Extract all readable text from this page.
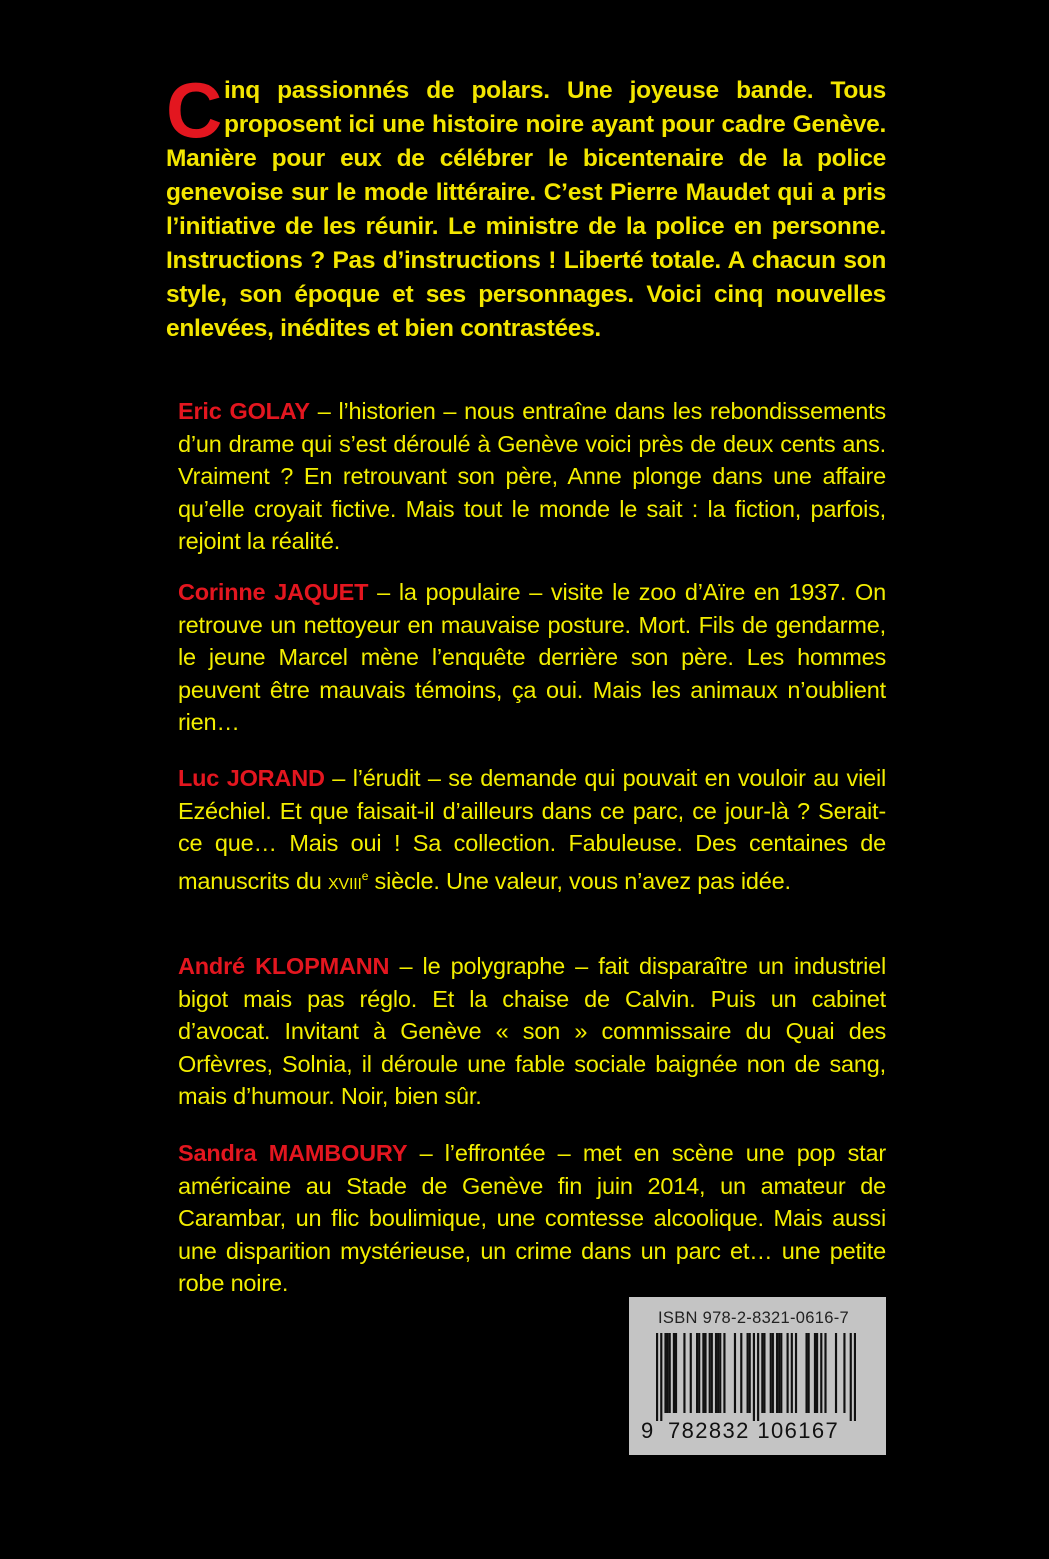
Cinq passionnés de polars. Une joyeuse bande. Tous proposent ici une histoire noire ayant pour cadre Genève. Manière pour eux de célébrer le bicentenaire de la police genevoise sur le mode littéraire. C’est Pierre Maudet qui a pris l’initiative de les réunir. Le ministre de la police en personne. Instructions ? Pas d’instructions ! Liberté totale. A chacun son style, son époque et ses personnages. Voici cinq nouvelles enlevées, inédites et bien contrastées.

Eric GOLAY – l’historien – nous entraîne dans les rebondissements d’un drame qui s’est déroulé à Genève voici près de deux cents ans. Vraiment ? En retrouvant son père, Anne plonge dans une affaire qu’elle croyait fictive. Mais tout le monde le sait : la fiction, parfois, rejoint la réalité.

Corinne JAQUET – la populaire – visite le zoo d’Aïre en 1937. On retrouve un nettoyeur en mauvaise posture. Mort. Fils de gendarme, le jeune Marcel mène l’enquête derrière son père. Les hommes peuvent être mauvais témoins, ça oui. Mais les animaux n’oublient rien…

Luc JORAND – l’érudit – se demande qui pouvait en vouloir au vieil Ezéchiel. Et que faisait-il d’ailleurs dans ce parc, ce jour-là ? Serait-ce que… Mais oui ! Sa collection. Fabuleuse. Des centaines de manuscrits du XVIIIe siècle. Une valeur, vous n’avez pas idée.

André KLOPMANN – le polygraphe – fait disparaître un industriel bigot mais pas réglo. Et la chaise de Calvin. Puis un cabinet d’avocat. Invitant à Genève « son » commissaire du Quai des Orfèvres, Solnia, il déroule une fable sociale baignée non de sang, mais d’humour. Noir, bien sûr.

Sandra MAMBOURY – l’effrontée – met en scène une pop star américaine au Stade de Genève fin juin 2014, un amateur de Carambar, un flic boulimique, une comtesse alcoolique. Mais aussi une disparition mystérieuse, un crime dans un parc et… une petite robe noire.

ISBN 978-2-8321-0616-7
9 782832 106167
